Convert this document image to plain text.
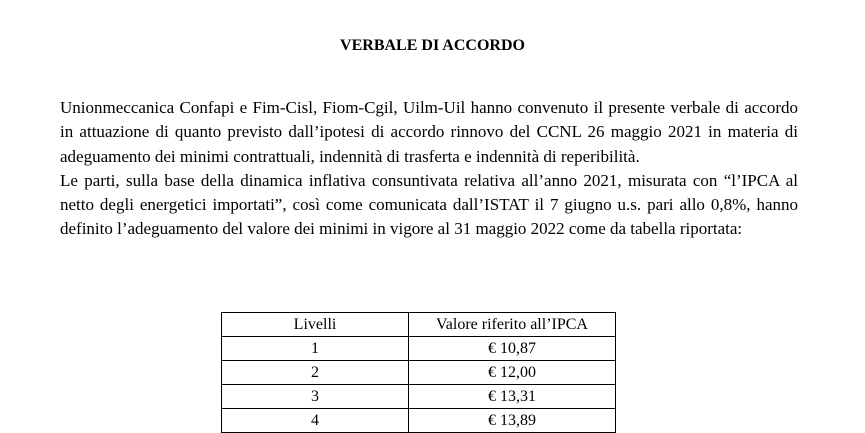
VERBALE DI ACCORDO

Unionmeccanica Confapi e Fim-Cisl, Fiom-Cgil, Uilm-Uil hanno convenuto il presente verbale di accordo in attuazione di quanto previsto dall’ipotesi di accordo rinnovo del CCNL 26 maggio 2021 in materia di adeguamento dei minimi contrattuali, indennità di trasferta e indennità di reperibilità.

Le parti, sulla base della dinamica inflativa consuntivata relativa all’anno 2021, misurata con “l’IPCA al netto degli energetici importati”, così come comunicata dall’ISTAT il 7 giugno u.s. pari allo 0,8%, hanno definito l’adeguamento del valore dei minimi in vigore al 31 maggio 2022 come da tabella riportata:

Livelli	Valore riferito all’IPCA
1	€ 10,87
2	€ 12,00
3	€ 13,31
4	€ 13,89
